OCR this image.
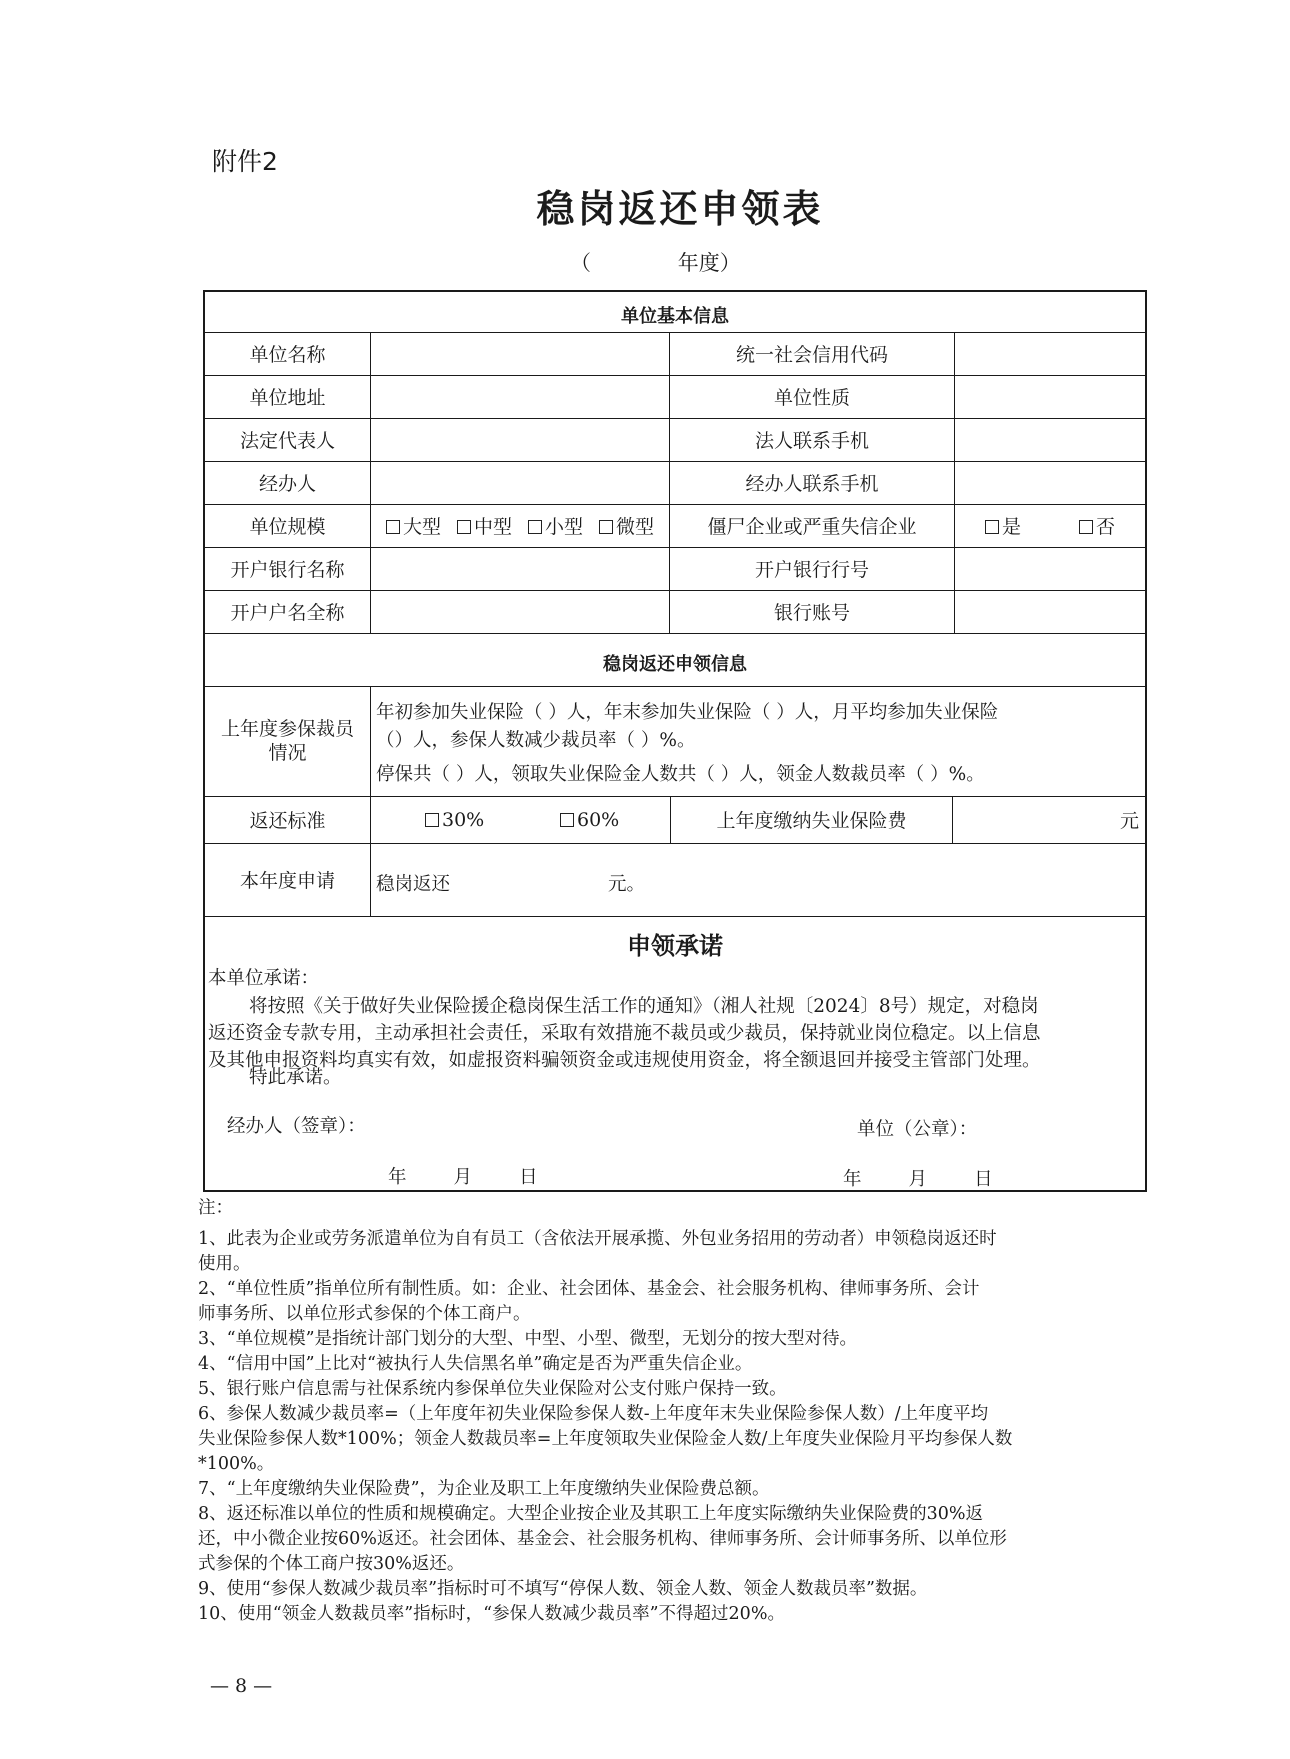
附件2
稳岗返还申领表
（             年度）
单位基本信息
单位名称	统一社会信用代码
单位地址	单位性质
法定代表人	法人联系手机
经办人	经办人联系手机
单位规模	大型	中型	小型	微型	僵尸企业或严重失信企业	是	否
开户银行名称	开户银行行号
开户户名全称	银行账号
稳岗返还申领信息
上年度参保裁员
情况
年初参加失业保险（ ）人，年末参加失业保险（ ）人，月平均参加失业保险
（）人，参保人数减少裁员率（ ）%。
停保共（ ）人，领取失业保险金人数共（ ）人，领金人数裁员率（ ）%。
返还标准	30%	60%	上年度缴纳失业保险费	元
本年度申请	稳岗返还	元。
申领承诺
本单位承诺：
将按照《关于做好失业保险援企稳岗保生活工作的通知》（湘人社规〔2024〕8号）规定，对稳岗
返还资金专款专用，主动承担社会责任，采取有效措施不裁员或少裁员，保持就业岗位稳定。以上信息
及其他申报资料均真实有效，如虚报资料骗领资金或违规使用资金，将全额退回并接受主管部门处理。
特此承诺。
经办人（签章）：	单位（公章）：
年        月        日	年        月        日
注：
1、此表为企业或劳务派遣单位为自有员工（含依法开展承揽、外包业务招用的劳动者）申领稳岗返还时
使用。
2、“单位性质”指单位所有制性质。如：企业、社会团体、基金会、社会服务机构、律师事务所、会计
师事务所、以单位形式参保的个体工商户。
3、“单位规模”是指统计部门划分的大型、中型、小型、微型，无划分的按大型对待。
4、“信用中国”上比对“被执行人失信黑名单”确定是否为严重失信企业。
5、银行账户信息需与社保系统内参保单位失业保险对公支付账户保持一致。
6、参保人数减少裁员率=（上年度年初失业保险参保人数-上年度年末失业保险参保人数）/上年度平均
失业保险参保人数*100%；领金人数裁员率=上年度领取失业保险金人数/上年度失业保险月平均参保人数
*100%。
7、“上年度缴纳失业保险费”，为企业及职工上年度缴纳失业保险费总额。
8、返还标准以单位的性质和规模确定。大型企业按企业及其职工上年度实际缴纳失业保险费的30%返
还，中小微企业按60%返还。社会团体、基金会、社会服务机构、律师事务所、会计师事务所、以单位形
式参保的个体工商户按30%返还。
9、使用“参保人数减少裁员率”指标时可不填写“停保人数、领金人数、领金人数裁员率”数据。
10、使用“领金人数裁员率”指标时，“参保人数减少裁员率”不得超过20%。
— 8 —
